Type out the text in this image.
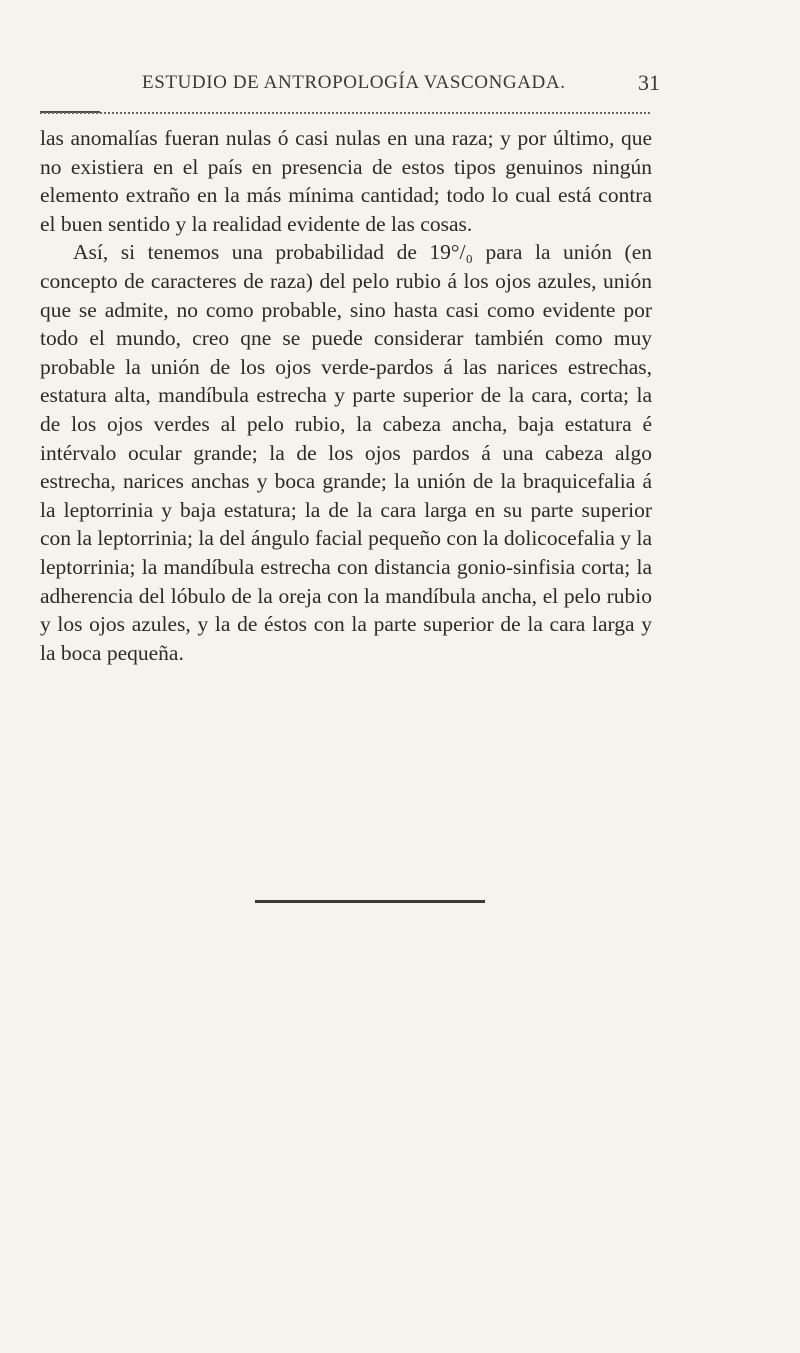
ESTUDIO DE ANTROPOLOGÍA VASCONGADA.	31

las anomalías fueran nulas ó casi nulas en una raza; y por último, que no existiera en el país en presencia de estos tipos genuinos ningún elemento extraño en la más mínima cantidad; todo lo cual está contra el buen sentido y la realidad evidente de las cosas.

Así, si tenemos una probabilidad de 19°/₀ para la unión (en concepto de caracteres de raza) del pelo rubio á los ojos azules, unión que se admite, no como probable, sino hasta casi como evidente por todo el mundo, creo qne se puede considerar también como muy probable la unión de los ojos verde-pardos á las narices estrechas, estatura alta, mandíbula estrecha y parte superior de la cara, corta; la de los ojos verdes al pelo rubio, la cabeza ancha, baja estatura é intérvalo ocular grande; la de los ojos pardos á una cabeza algo estrecha, narices anchas y boca grande; la unión de la braquicefalia á la leptorrinia y baja estatura; la de la cara larga en su parte superior con la leptorrinia; la del ángulo facial pequeño con la dolicocefalia y la leptorrinia; la mandíbula estrecha con distancia gonio-sinfisia corta; la adherencia del lóbulo de la oreja con la mandíbula ancha, el pelo rubio y los ojos azules, y la de éstos con la parte superior de la cara larga y la boca pequeña.
